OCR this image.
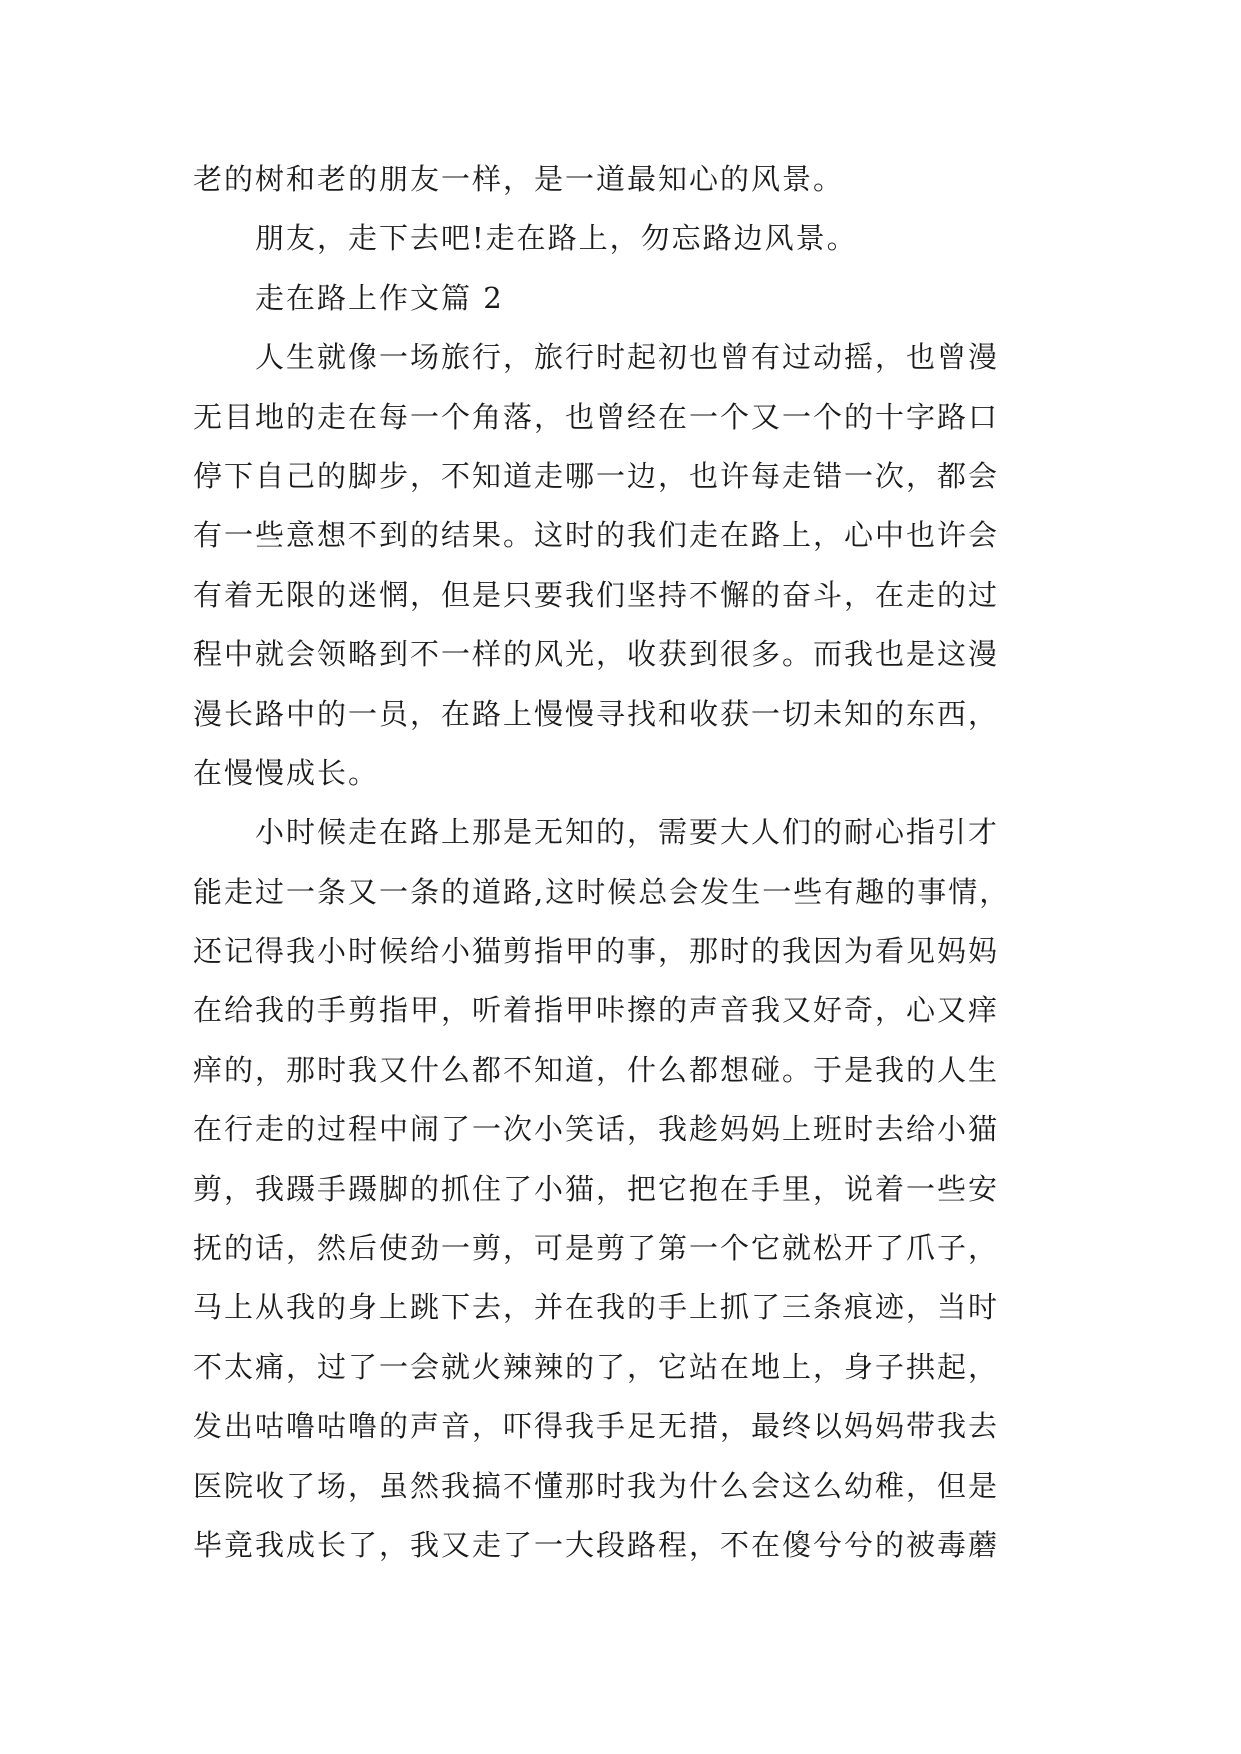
老的树和老的朋友一样，是一道最知心的风景。
朋友，走下去吧!走在路上，勿忘路边风景。
走在路上作文篇 2
人生就像一场旅行，旅行时起初也曾有过动摇，也曾漫
无目地的走在每一个角落，也曾经在一个又一个的十字路口
停下自己的脚步，不知道走哪一边，也许每走错一次，都会
有一些意想不到的结果。这时的我们走在路上，心中也许会
有着无限的迷惘，但是只要我们坚持不懈的奋斗，在走的过
程中就会领略到不一样的风光，收获到很多。而我也是这漫
漫长路中的一员，在路上慢慢寻找和收获一切未知的东西，
在慢慢成长。
小时候走在路上那是无知的，需要大人们的耐心指引才
能走过一条又一条的道路,这时候总会发生一些有趣的事情，
还记得我小时候给小猫剪指甲的事，那时的我因为看见妈妈
在给我的手剪指甲，听着指甲咔擦的声音我又好奇，心又痒
痒的，那时我又什么都不知道，什么都想碰。于是我的人生
在行走的过程中闹了一次小笑话，我趁妈妈上班时去给小猫
剪，我蹑手蹑脚的抓住了小猫，把它抱在手里，说着一些安
抚的话，然后使劲一剪，可是剪了第一个它就松开了爪子，
马上从我的身上跳下去，并在我的手上抓了三条痕迹，当时
不太痛，过了一会就火辣辣的了，它站在地上，身子拱起，
发出咕噜咕噜的声音，吓得我手足无措，最终以妈妈带我去
医院收了场，虽然我搞不懂那时我为什么会这么幼稚，但是
毕竟我成长了，我又走了一大段路程，不在傻兮兮的被毒蘑
